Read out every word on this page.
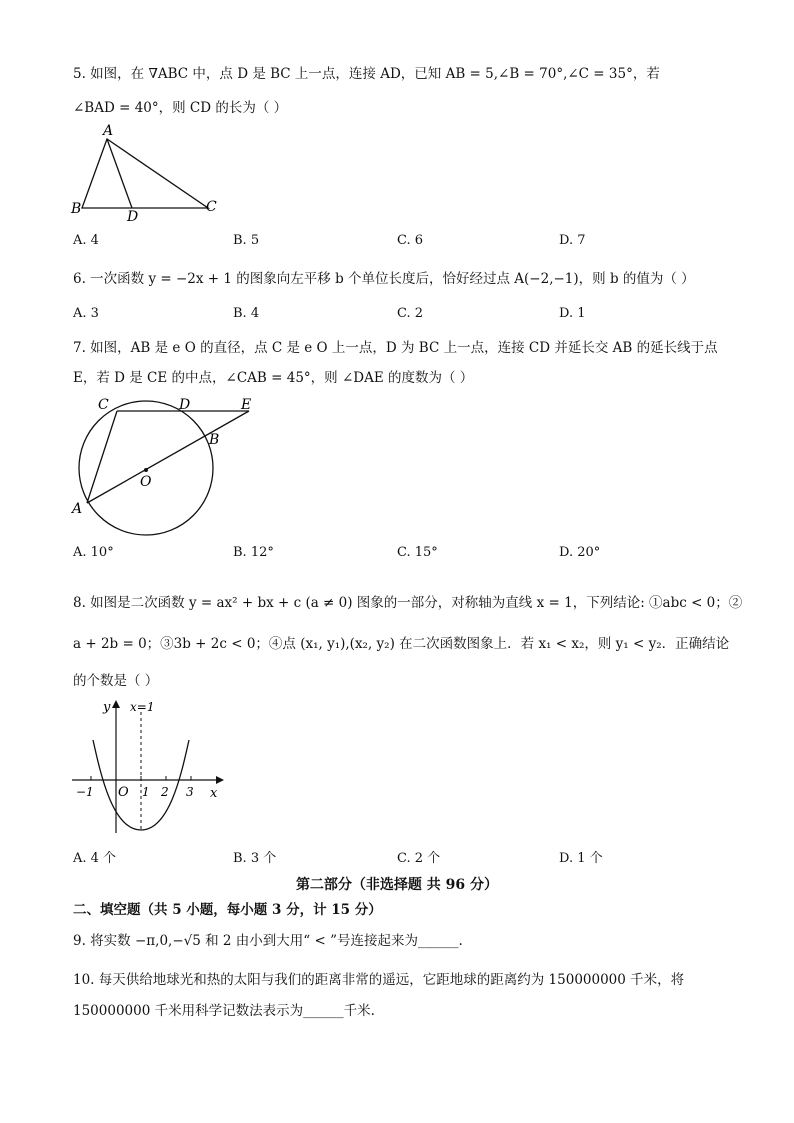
5. 如图，在 ∇ABC 中，点 D 是 BC 上一点，连接 AD，已知 AB = 5,∠B = 70°,∠C = 35°，若
∠BAD = 40°，则 CD 的长为（ ）
A
B	C
D
A. 4	B. 5	C. 6	D. 7
6. 一次函数 y = −2x + 1 的图象向左平移 b 个单位长度后，恰好经过点 A(−2,−1)，则 b 的值为（ ）
A. 3	B. 4	C. 2	D. 1
7. 如图，AB 是 e O 的直径，点 C 是 e O 上一点，D 为 BC 上一点，连接 CD 并延长交 AB 的延长线于点
E，若 D 是 CE 的中点，∠CAB = 45°，则 ∠DAE 的度数为（ ）
C	D	E
B
O
A
A. 10°	B. 12°	C. 15°	D. 20°
8. 如图是二次函数 y = ax² + bx + c (a ≠ 0) 图象的一部分，对称轴为直线 x = 1，下列结论: ①abc < 0；②
a + 2b = 0；③3b + 2c < 0；④点 (x₁, y₁),(x₂, y₂) 在二次函数图象上．若 x₁ < x₂，则 y₁ < y₂．正确结论
的个数是（ ）
y x=1
x
O
−1	1 2 3
A. 4 个	B. 3 个	C. 2 个	D. 1 个
第二部分（非选择题 共 96 分）
二、填空题（共 5 小题，每小题 3 分，计 15 分）
9. 将实数 −π,0,−√5 和 2 由小到大用“ < ”号连接起来为______.
10. 每天供给地球光和热的太阳与我们的距离非常的遥远，它距地球的距离约为 150000000 千米，将
150000000 千米用科学记数法表示为______千米.
